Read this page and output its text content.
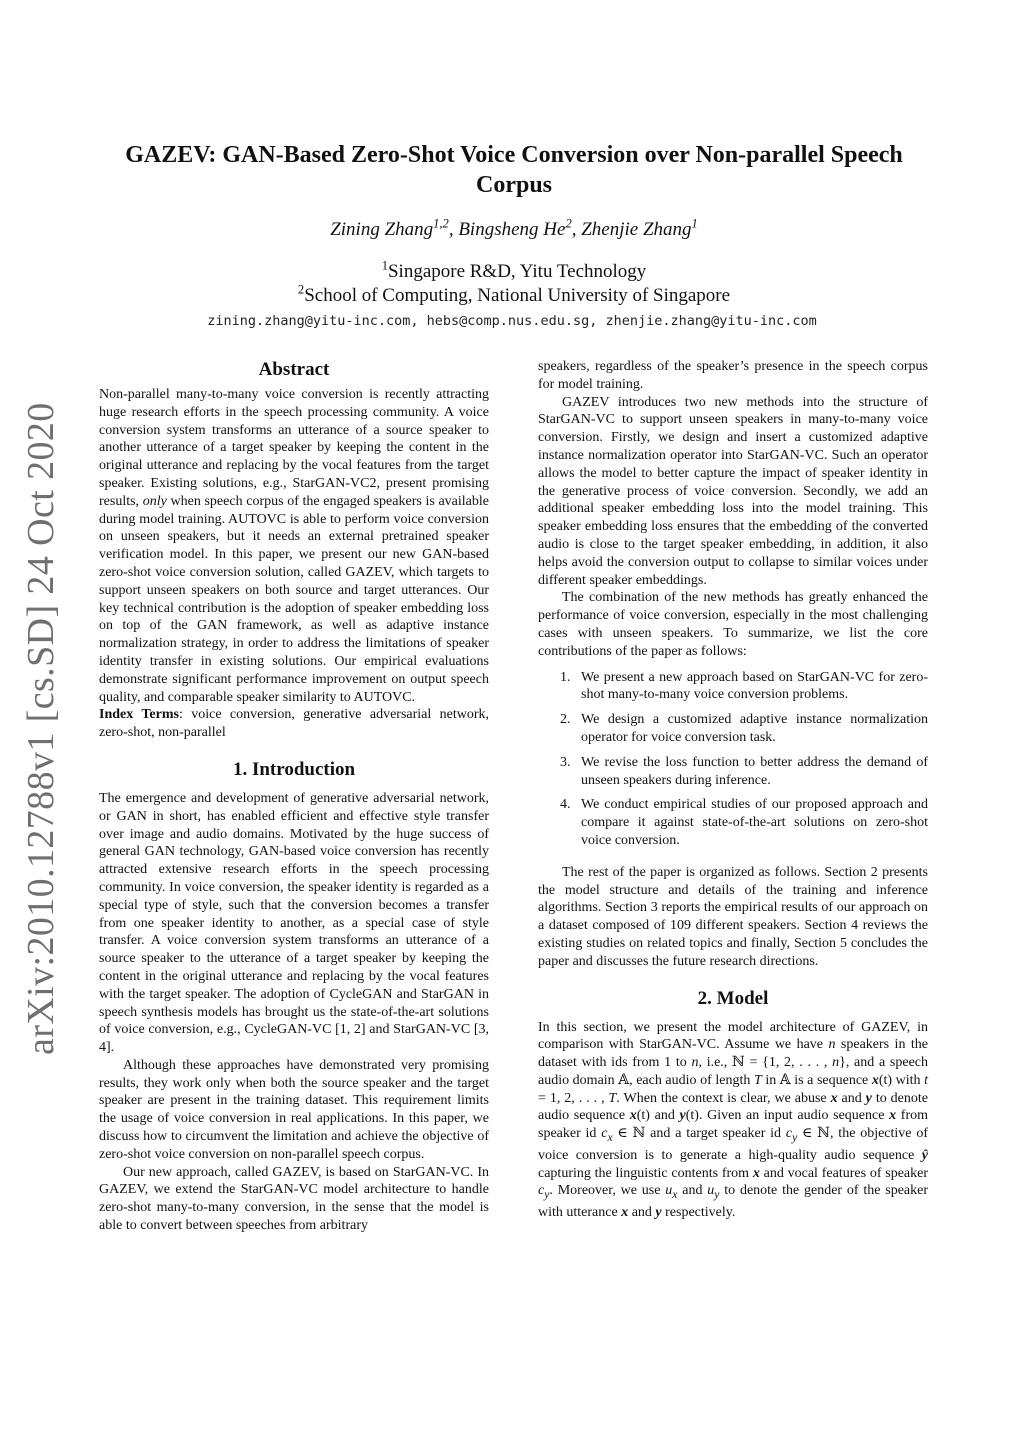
arXiv:2010.12788v1 [cs.SD] 24 Oct 2020
GAZEV: GAN-Based Zero-Shot Voice Conversion over Non-parallel Speech
Corpus
Zining Zhang$^{1,2}$, Bingsheng He$^2$, Zhenjie Zhang$^1$
$^1$Singapore R&D, Yitu Technology
$^2$School of Computing, National University of Singapore
zining.zhang@yitu-inc.com, hebs@comp.nus.edu.sg, zhenjie.zhang@yitu-inc.com
Abstract

Non-parallel many-to-many voice conversion is recently attracting huge research efforts in the speech processing community. A voice conversion system transforms an utterance of a source speaker to another utterance of a target speaker by keeping the content in the original utterance and replacing by the vocal features from the target speaker. Existing solutions, e.g., StarGAN-VC2, present promising results, only when speech corpus of the engaged speakers is available during model training. AUTOVC is able to perform voice conversion on unseen speakers, but it needs an external pretrained speaker verification model. In this paper, we present our new GAN-based zero-shot voice conversion solution, called GAZEV, which targets to support unseen speakers on both source and target utterances. Our key technical contribution is the adoption of speaker embedding loss on top of the GAN framework, as well as adaptive instance normalization strategy, in order to address the limitations of speaker identity transfer in existing solutions. Our empirical evaluations demonstrate significant performance improvement on output speech quality, and comparable speaker similarity to AUTOVC.

Index Terms: voice conversion, generative adversarial network, zero-shot, non-parallel

1. Introduction

The emergence and development of generative adversarial network, or GAN in short, has enabled efficient and effective style transfer over image and audio domains. Motivated by the huge success of general GAN technology, GAN-based voice conversion has recently attracted extensive research efforts in the speech processing community. In voice conversion, the speaker identity is regarded as a special type of style, such that the conversion becomes a transfer from one speaker identity to another, as a special case of style transfer. A voice conversion system transforms an utterance of a source speaker to the utterance of a target speaker by keeping the content in the original utterance and replacing by the vocal features with the target speaker. The adoption of CycleGAN and StarGAN in speech synthesis models has brought us the state-of-the-art solutions of voice conversion, e.g., CycleGAN-VC [1, 2] and StarGAN-VC [3, 4].

Although these approaches have demonstrated very promising results, they work only when both the source speaker and the target speaker are present in the training dataset. This requirement limits the usage of voice conversion in real applications. In this paper, we discuss how to circumvent the limitation and achieve the objective of zero-shot voice conversion on non-parallel speech corpus.

Our new approach, called GAZEV, is based on StarGAN-VC. In GAZEV, we extend the StarGAN-VC model architecture to handle zero-shot many-to-many conversion, in the sense that the model is able to convert between speeches from arbitrary

speakers, regardless of the speaker’s presence in the speech corpus for model training.

GAZEV introduces two new methods into the structure of StarGAN-VC to support unseen speakers in many-to-many voice conversion. Firstly, we design and insert a customized adaptive instance normalization operator into StarGAN-VC. Such an operator allows the model to better capture the impact of speaker identity in the generative process of voice conversion. Secondly, we add an additional speaker embedding loss into the model training. This speaker embedding loss ensures that the embedding of the converted audio is close to the target speaker embedding, in addition, it also helps avoid the conversion output to collapse to similar voices under different speaker embeddings.

The combination of the new methods has greatly enhanced the performance of voice conversion, especially in the most challenging cases with unseen speakers. To summarize, we list the core contributions of the paper as follows:

1. We present a new approach based on StarGAN-VC for zero-shot many-to-many voice conversion problems.
2. We design a customized adaptive instance normalization operator for voice conversion task.
3. We revise the loss function to better address the demand of unseen speakers during inference.
4. We conduct empirical studies of our proposed approach and compare it against state-of-the-art solutions on zero-shot voice conversion.

The rest of the paper is organized as follows. Section 2 presents the model structure and details of the training and inference algorithms. Section 3 reports the empirical results of our approach on a dataset composed of 109 different speakers. Section 4 reviews the existing studies on related topics and finally, Section 5 concludes the paper and discusses the future research directions.

2. Model

In this section, we present the model architecture of GAZEV, in comparison with StarGAN-VC. Assume we have n speakers in the dataset with ids from 1 to n, i.e., ℕ = {1, 2, . . . , n}, and a speech audio domain 𝔸, each audio of length T in 𝔸 is a sequence x(t) with t = 1, 2, . . . , T. When the context is clear, we abuse x and y to denote audio sequence x(t) and y(t). Given an input audio sequence x from speaker id $c_x$ ∈ ℕ and a target speaker id $c_y$ ∈ ℕ, the objective of voice conversion is to generate a high-quality audio sequence ŷ capturing the linguistic contents from x and vocal features of speaker $c_y$. Moreover, we use $u_x$ and $u_y$ to denote the gender of the speaker with utterance x and y respectively.
